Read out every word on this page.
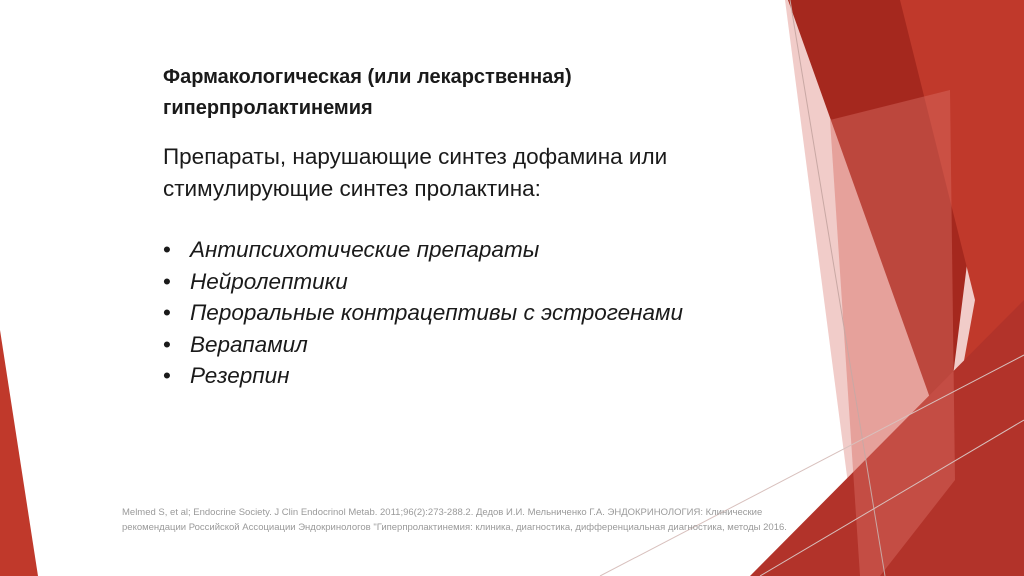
Фармакологическая (или лекарственная)
гиперпролактинемия
Препараты, нарушающие синтез дофамина или
стимулирующие синтез пролактина:
• Антипсихотические препараты
• Нейролептики
• Пероральные контрацептивы с эстрогенами
• Верапамил
• Резерпин
Melmed S, et al; Endocrine Society. J Clin Endocrinol Metab. 2011;96(2):273-288.2. Дедов И.И. Мельниченко Г.А. ЭНДОКРИНОЛОГИЯ: Клинические
рекомендации Российской Ассоциации Эндокринологов "Гиперпролактинемия: клиника, диагностика, дифференциальная диагностика, методы 2016.
